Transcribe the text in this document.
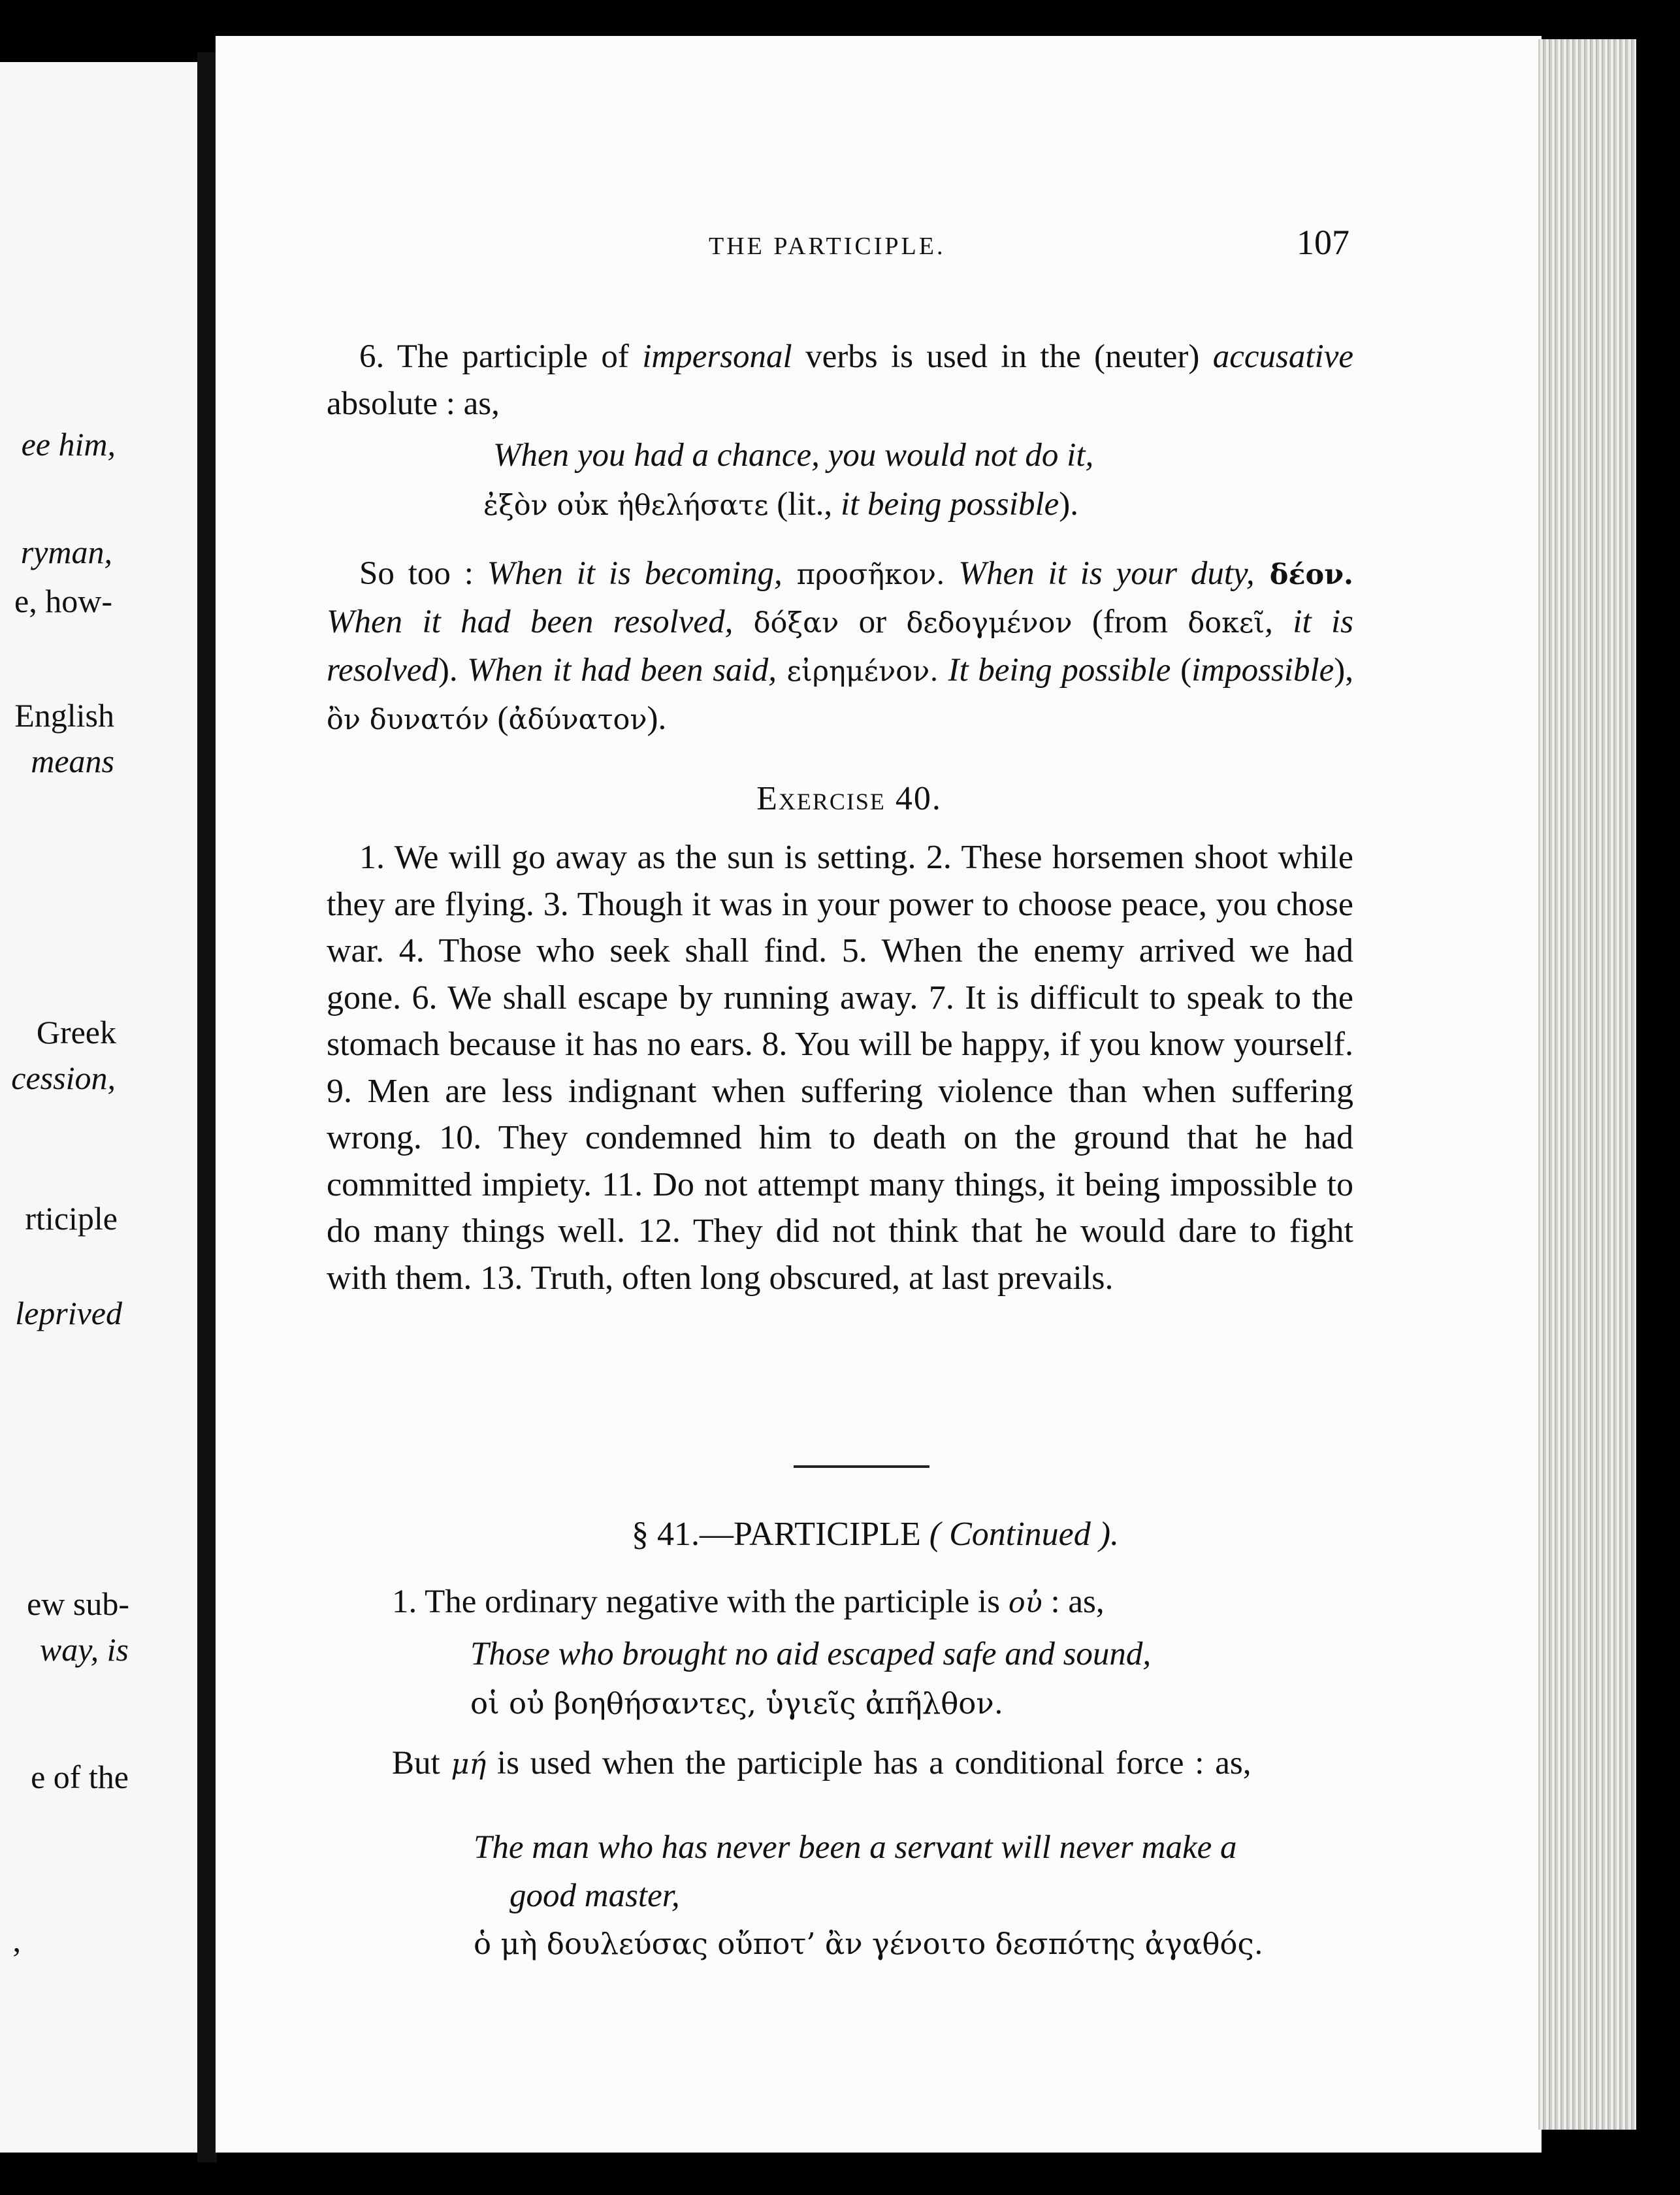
ee him,
ryman,
e, how-
English
means
Greek
cession,
rticiple
leprived
ew sub-
way, is
e of the
,
THE PARTICIPLE.	107

6. The participle of impersonal verbs is used in the (neuter) accusative absolute : as,

When you had a chance, you would not do it,
ἐξὸν οὐκ ἠθελήσατε (lit., it being possible).

So too : When it is becoming, προσῆκον. When it is your duty, δέον. When it had been resolved, δόξαν or δεδογμένον (from δοκεῖ, it is resolved). When it had been said, εἰρημένον. It being possible (impossible), ὂν δυνατόν (ἀδύνατον).

Exercise 40.

1. We will go away as the sun is setting. 2. These horsemen shoot while they are flying. 3. Though it was in your power to choose peace, you chose war. 4. Those who seek shall find. 5. When the enemy arrived we had gone. 6. We shall escape by running away. 7. It is difficult to speak to the stomach because it has no ears. 8. You will be happy, if you know yourself. 9. Men are less indignant when suffering violence than when suffering wrong. 10. They condemned him to death on the ground that he had committed impiety. 11. Do not attempt many things, it being impossible to do many things well. 12. They did not think that he would dare to fight with them. 13. Truth, often long obscured, at last prevails.

§ 41.—PARTICIPLE ( Continued ).
1. The ordinary negative with the participle is οὐ : as,
Those who brought no aid escaped safe and sound,
οἱ οὐ βοηθήσαντες, ὑγιεῖς ἀπῆλθον.

But μή is used when the participle has a conditional force : as,

The man who has never been a servant will never make a
good master,
ὁ μὴ δουλεύσας οὔποτ’ ἂν γένοιτο δεσπότης ἀγαθός.
